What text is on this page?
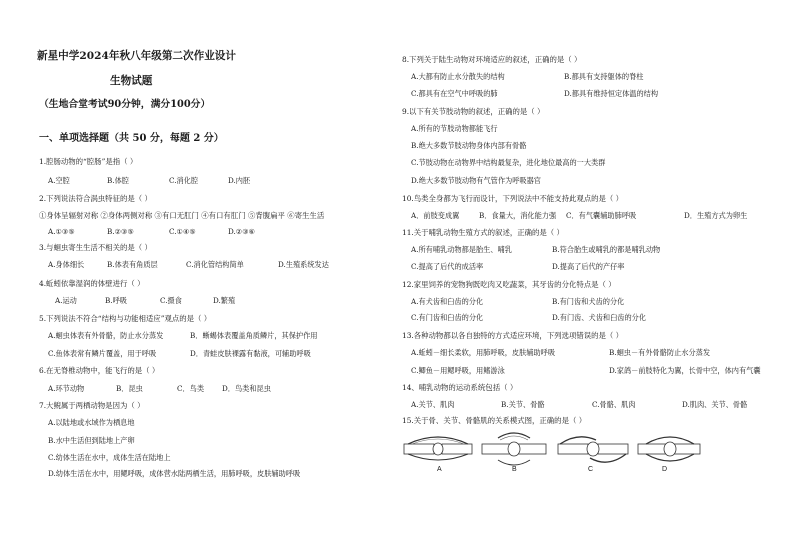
新星中学2024年秋八年级第二次作业设计
生物试题
（生地合堂考试90分钟，满分100分）
一、单项选择题（共 50 分，每题 2 分）
1.腔肠动物的“腔肠”是指（ ）
A.空腔	B.体腔	C.消化腔	D.内胚
2.下列说法符合涡虫特征的是（ ）
①身体呈辐射对称 ②身体两侧对称 ③有口无肛门 ④有口有肛门 ⑤背腹扁平 ⑥寄生生活
A.①③⑤	B.②③⑤	C.①④⑤	D.②③⑥
3.与蛔虫寄生生活不相关的是（ ）
A.身体细长	B.体表有角质层	C.消化管结构简单	D.生殖系统发达
4.蚯蚓依靠湿润的体壁进行（ ）
A.运动	B.呼吸	C.摄食	D.繁殖
5.下列说法不符合“结构与功能相适应”观点的是（ ）
A.蛔虫体表有外骨骼，防止水分蒸发	B．蜥蜴体表覆盖角质鳞片，其保护作用
C.鱼体表常有鳞片覆盖，用于呼吸	D．青蛙皮肤裸露有黏液，可辅助呼吸
6.在无脊椎动物中，能飞行的是（ ）
A.环节动物	B．昆虫	C．鸟类 D．鸟类和昆虫
7.大鲵属于两栖动物是因为（ ）
A.以陆地或水域作为栖息地
B.水中生活但到陆地上产卵
C.幼体生活在水中，成体生活在陆地上
D.幼体生活在水中，用鳃呼吸，成体营水陆两栖生活，用肺呼吸，皮肤辅助呼吸
8.下列关于陆生动物对环境适应的叙述，正确的是（ ）
A.大都有防止水分散失的结构	B.都具有支持躯体的脊柱
C.都具有在空气中呼吸的肺	D.都具有维持恒定体温的结构
9.以下有关节肢动物的叙述，正确的是（ ）
A.所有的节肢动物都能飞行
B.绝大多数节肢动物身体内部有骨骼
C.节肢动物在动物界中结构最复杂，进化地位最高的一大类群
D.绝大多数节肢动物有气管作为呼吸器官
10.鸟类全身都为飞行而设计，下列说法中不能支持此观点的是（ ）
A．前肢变成翼	B．食量大，消化能力强 C．有气囊辅助肺呼吸	D．生殖方式为卵生
11.关于哺乳动物生殖方式的叙述，正确的是（ ）
A.所有哺乳动物都是胎生、哺乳	B.符合胎生或哺乳的都是哺乳动物
C.提高了后代的成活率	D.提高了后代的产仔率
12.家里饲养的宠物狗既吃肉又吃蔬菜，其牙齿的分化特点是（ ）
A.有犬齿和臼齿的分化	B.有门齿和犬齿的分化
C.有门齿和臼齿的分化	D.有门齿、犬齿和臼齿的分化
13.各种动物都以各自独特的方式适应环境，下列选项错误的是（ ）
A.蚯蚓－细长柔软，用肺呼吸，皮肤辅助呼吸	B.蛔虫－有外骨骼防止水分蒸发
C.鲫鱼－用鳃呼吸，用鳍游泳	D.家鸽－前肢特化为翼，长骨中空，体内有气囊
14、哺乳动物的运动系统包括（ ）
A.关节、肌肉	B.关节、骨骼	C.骨骼、肌肉	D.肌肉、关节、骨骼
15.关于骨、关节、骨骼肌的关系模式图，正确的是（ ）
A	B	C	D
